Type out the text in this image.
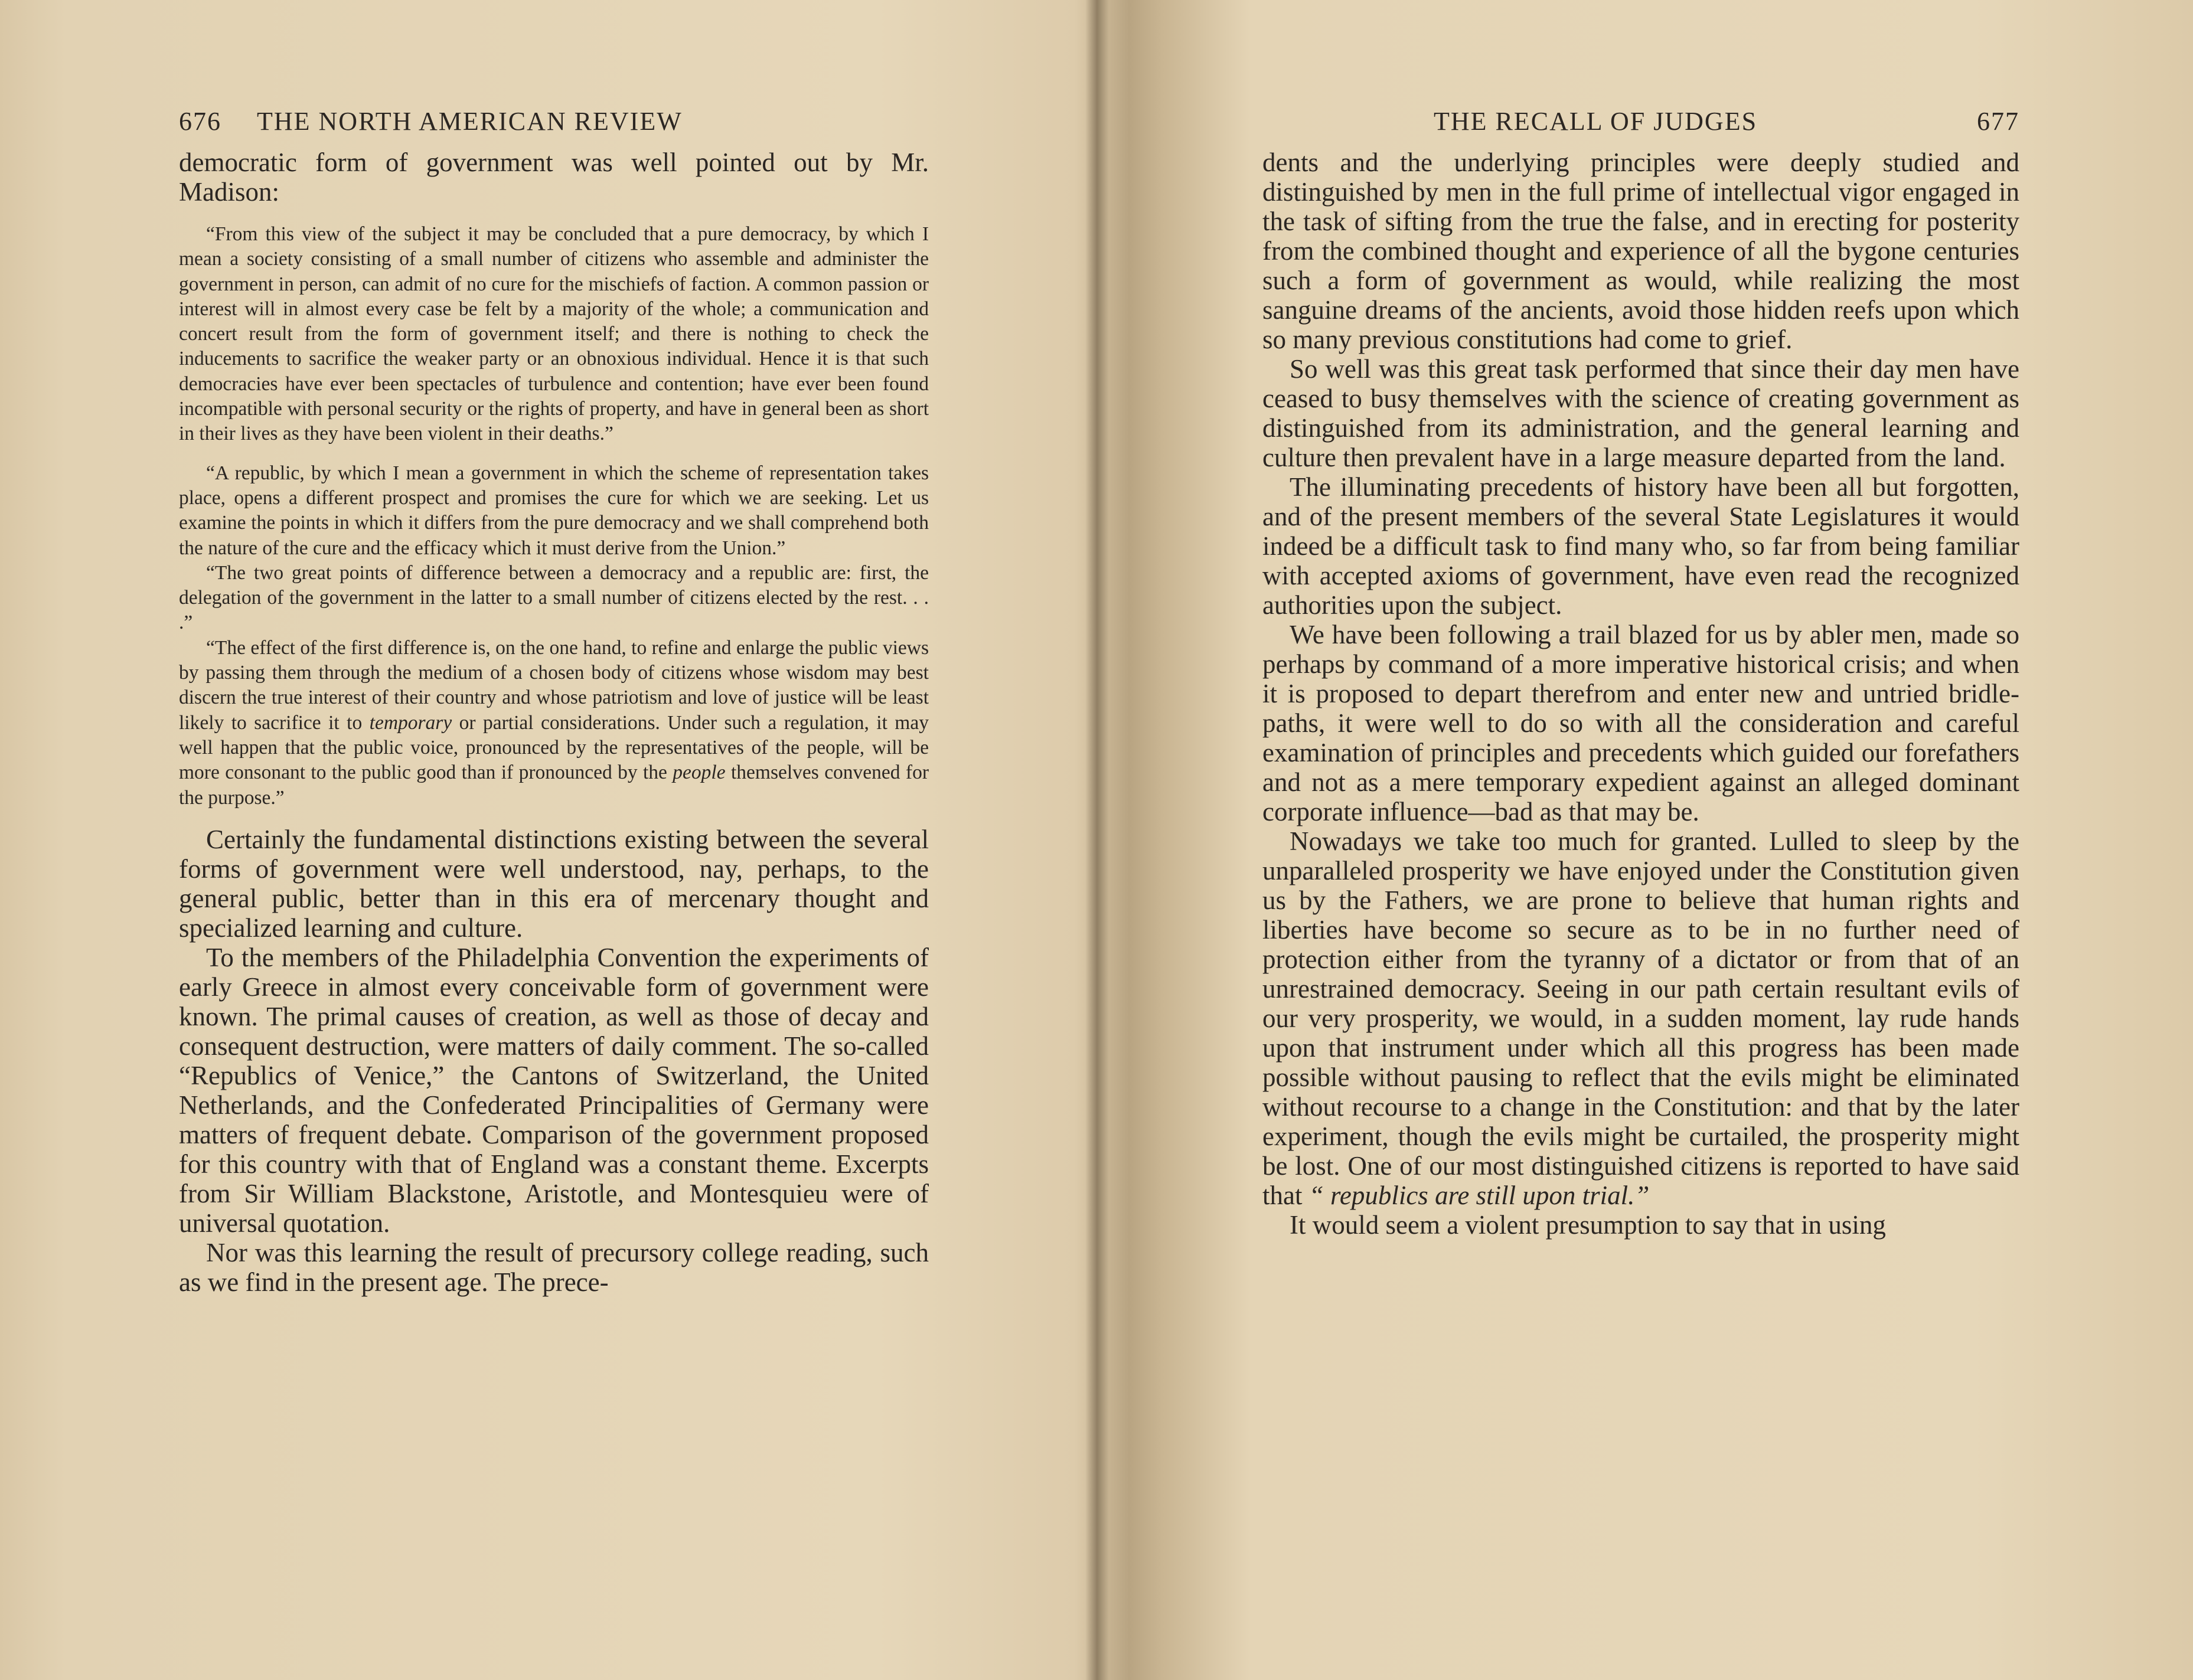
676	THE NORTH AMERICAN REVIEW

democratic form of government was well pointed out by Mr. Madison:

“From this view of the subject it may be concluded that a pure democracy, by which I mean a society consisting of a small number of citizens who assemble and administer the government in person, can admit of no cure for the mischiefs of faction. A common passion or interest will in almost every case be felt by a majority of the whole; a communication and concert result from the form of government itself; and there is nothing to check the inducements to sacrifice the weaker party or an obnoxious individual. Hence it is that such democracies have ever been spectacles of turbulence and contention; have ever been found incompatible with personal security or the rights of property, and have in general been as short in their lives as they have been violent in their deaths.”

“A republic, by which I mean a government in which the scheme of representation takes place, opens a different prospect and promises the cure for which we are seeking. Let us examine the points in which it differs from the pure democracy and we shall comprehend both the nature of the cure and the efficacy which it must derive from the Union.”

“The two great points of difference between a democracy and a republic are: first, the delegation of the government in the latter to a small number of citizens elected by the rest. . . .”

“The effect of the first difference is, on the one hand, to refine and enlarge the public views by passing them through the medium of a chosen body of citizens whose wisdom may best discern the true interest of their country and whose patriotism and love of justice will be least likely to sacrifice it to temporary or partial considerations. Under such a regulation, it may well happen that the public voice, pronounced by the representatives of the people, will be more consonant to the public good than if pronounced by the people themselves convened for the purpose.”

Certainly the fundamental distinctions existing between the several forms of government were well understood, nay, perhaps, to the general public, better than in this era of mercenary thought and specialized learning and culture.

To the members of the Philadelphia Convention the experiments of early Greece in almost every conceivable form of government were known. The primal causes of creation, as well as those of decay and consequent destruction, were matters of daily comment. The so-called “Republics of Venice,” the Cantons of Switzerland, the United Netherlands, and the Confederated Principalities of Germany were matters of frequent debate. Comparison of the government proposed for this country with that of England was a constant theme. Excerpts from Sir William Blackstone, Aristotle, and Montesquieu were of universal quotation.

Nor was this learning the result of precursory college reading, such as we find in the present age. The prece-

THE RECALL OF JUDGES	677

dents and the underlying principles were deeply studied and distinguished by men in the full prime of intellectual vigor engaged in the task of sifting from the true the false, and in erecting for posterity from the combined thought and experience of all the bygone centuries such a form of government as would, while realizing the most sanguine dreams of the ancients, avoid those hidden reefs upon which so many previous constitutions had come to grief.

So well was this great task performed that since their day men have ceased to busy themselves with the science of creating government as distinguished from its administration, and the general learning and culture then prevalent have in a large measure departed from the land.

The illuminating precedents of history have been all but forgotten, and of the present members of the several State Legislatures it would indeed be a difficult task to find many who, so far from being familiar with accepted axioms of government, have even read the recognized authorities upon the subject.

We have been following a trail blazed for us by abler men, made so perhaps by command of a more imperative historical crisis; and when it is proposed to depart therefrom and enter new and untried bridle-paths, it were well to do so with all the consideration and careful examination of principles and precedents which guided our forefathers and not as a mere temporary expedient against an alleged dominant corporate influence—bad as that may be.

Nowadays we take too much for granted. Lulled to sleep by the unparalleled prosperity we have enjoyed under the Constitution given us by the Fathers, we are prone to believe that human rights and liberties have become so secure as to be in no further need of protection either from the tyranny of a dictator or from that of an unrestrained democracy. Seeing in our path certain resultant evils of our very prosperity, we would, in a sudden moment, lay rude hands upon that instrument under which all this progress has been made possible without pausing to reflect that the evils might be eliminated without recourse to a change in the Constitution: and that by the later experiment, though the evils might be curtailed, the prosperity might be lost. One of our most distinguished citizens is reported to have said that “ republics are still upon trial.”

It would seem a violent presumption to say that in using
